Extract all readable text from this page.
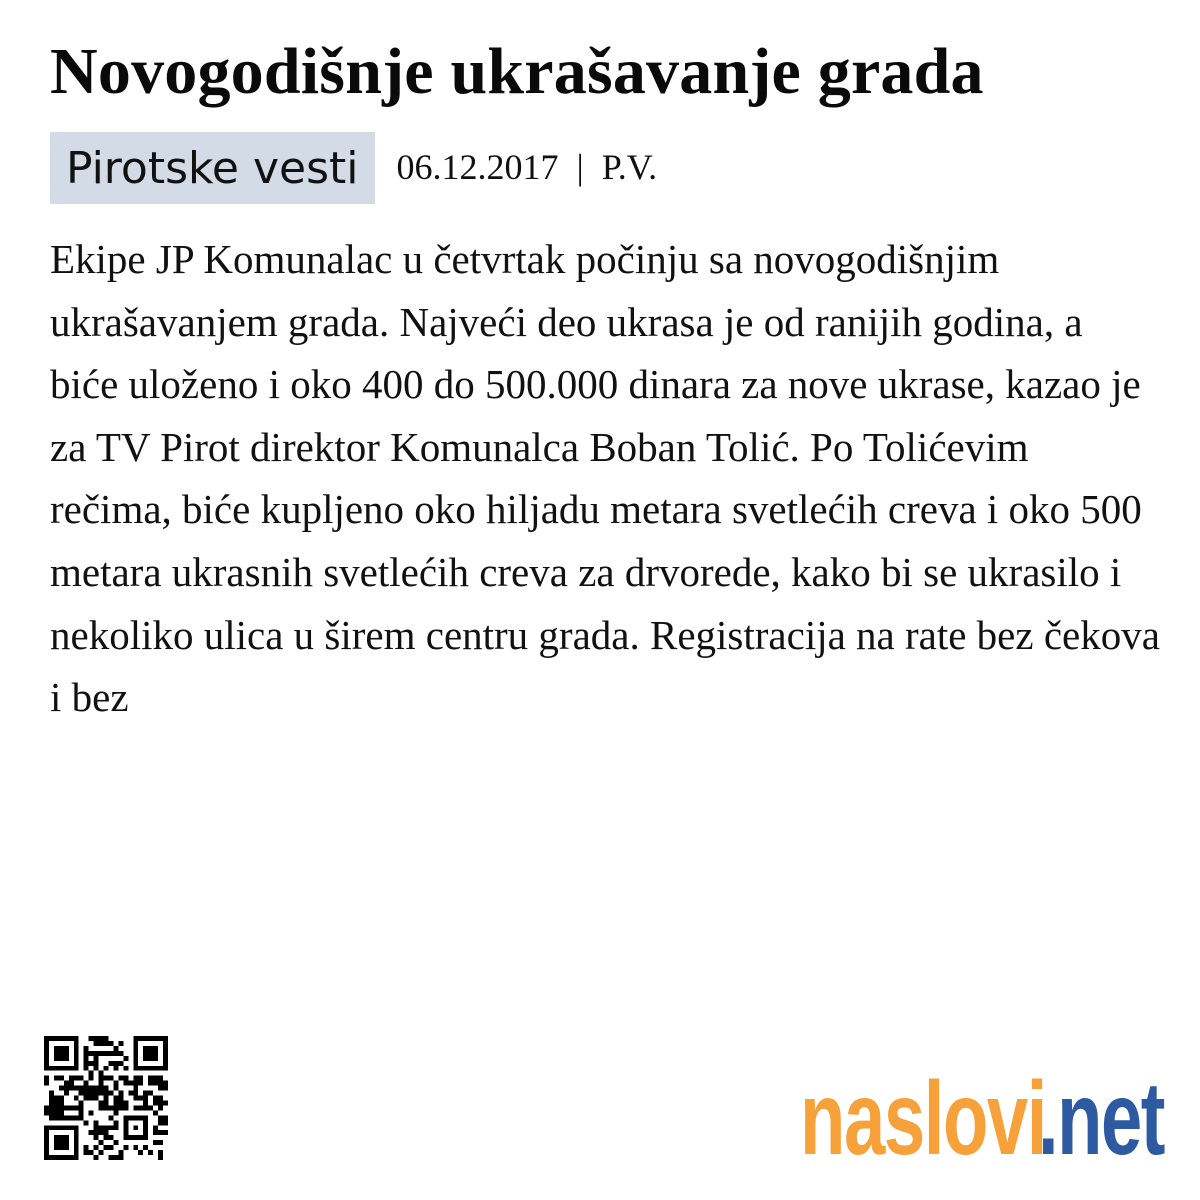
Novogodišnje ukrašavanje grada
Pirotske vesti	06.12.2017 | P.V.

Ekipe JP Komunalac u četvrtak počinju sa novogodišnjim ukrašavanjem grada. Najveći deo ukrasa je od ranijih godina, a biće uloženo i oko 400 do 500.000 dinara za nove ukrase, kazao je za TV Pirot direktor Komunalca Boban Tolić. Po Tolićevim rečima, biće kupljeno oko hiljadu metara svetlećih creva i oko 500 metara ukrasnih svetlećih creva za drvorede, kako bi se ukrasilo i nekoliko ulica u širem centru grada. Registracija na rate bez čekova i bez

naslovi
.net
